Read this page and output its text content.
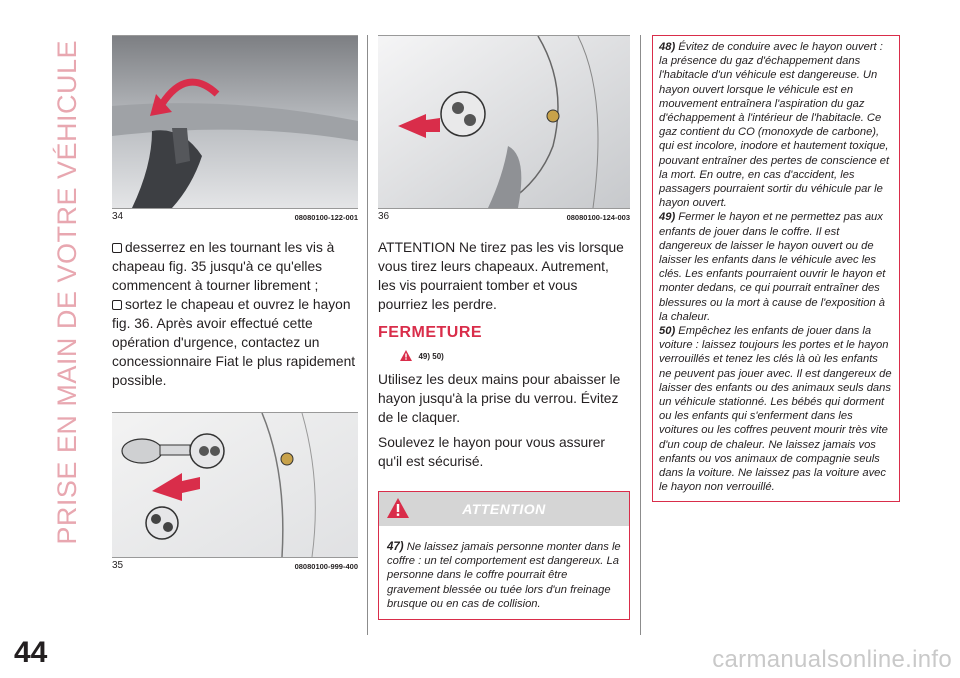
PRISE EN MAIN DE VOTRE VÉHICULE	34	08080100-122-001

desserrez en les tournant les vis à chapeau fig. 35 jusqu'à ce qu'elles commencent à tourner librement ;
sortez le chapeau et ouvrez le hayon fig. 36. Après avoir effectué cette opération d'urgence, contactez un concessionnaire Fiat le plus rapidement possible.

35	08080100-999-400
36	08080100-124-003

ATTENTION Ne tirez pas les vis lorsque vous tirez leurs chapeaux. Autrement, les vis pourraient tomber et vous pourriez les perdre.

FERMETURE
49) 50)

Utilisez les deux mains pour abaisser le hayon jusqu'à la prise du verrou. Évitez de le claquer.

Soulevez le hayon pour vous assurer qu'il est sécurisé.

ATTENTION

47) Ne laissez jamais personne monter dans le coffre : un tel comportement est dangereux. La personne dans le coffre pourrait être gravement blessée ou tuée lors d'un freinage brusque ou en cas de collision.

48) Évitez de conduire avec le hayon ouvert : la présence du gaz d'échappement dans l'habitacle d'un véhicule est dangereuse. Un hayon ouvert lorsque le véhicule est en mouvement entraînera l'aspiration du gaz d'échappement à l'intérieur de l'habitacle. Ce gaz contient du CO (monoxyde de carbone), qui est incolore, inodore et hautement toxique, pouvant entraîner des pertes de conscience et la mort. En outre, en cas d'accident, les passagers pourraient sortir du véhicule par le hayon ouvert.

49) Fermer le hayon et ne permettez pas aux enfants de jouer dans le coffre. Il est dangereux de laisser le hayon ouvert ou de laisser les enfants dans le véhicule avec les clés. Les enfants pourraient ouvrir le hayon et monter dedans, ce qui pourrait entraîner des blessures ou la mort à cause de l'exposition à la chaleur.

50) Empêchez les enfants de jouer dans la voiture : laissez toujours les portes et le hayon verrouillés et tenez les clés là où les enfants ne peuvent pas jouer avec. Il est dangereux de laisser des enfants ou des animaux seuls dans un véhicule stationné. Les bébés qui dorment ou les enfants qui s'enferment dans les voitures ou les coffres peuvent mourir très vite d'un coup de chaleur. Ne laissez jamais vos enfants ou vos animaux de compagnie seuls dans la voiture. Ne laissez pas la voiture avec le hayon non verrouillé.

44	carmanualsonline.info
